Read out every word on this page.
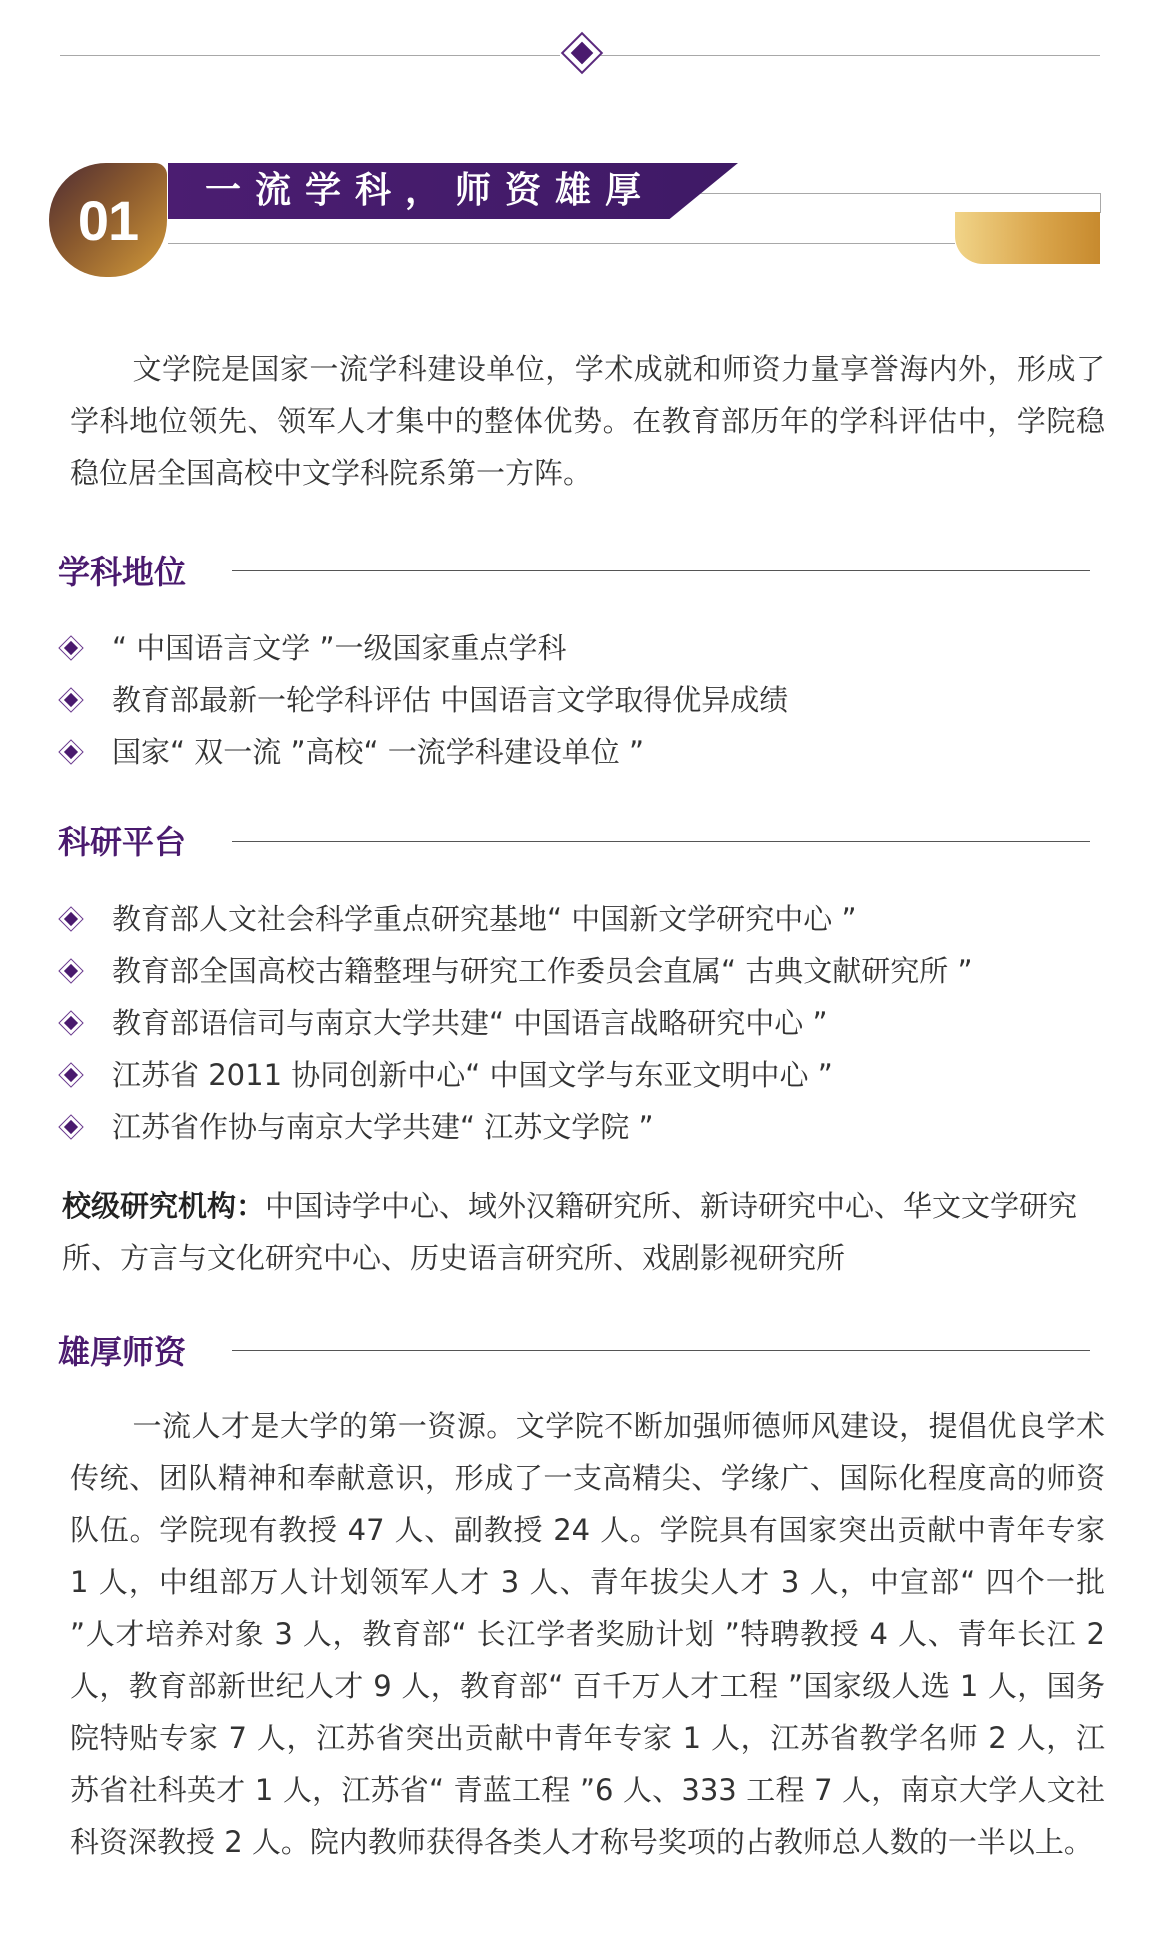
一流学科，师资雄厚
01
文学院是国家一流学科建设单位，学术成就和师资力量享誉海内外，形成了学科地位领先、领军人才集中的整体优势。在教育部历年的学科评估中，学院稳稳位居全国高校中文学科院系第一方阵。
学科地位
“ 中国语言文学 ”一级国家重点学科
教育部最新一轮学科评估 中国语言文学取得优异成绩
国家“ 双一流 ”高校“ 一流学科建设单位 ”
科研平台
教育部人文社会科学重点研究基地“ 中国新文学研究中心 ”
教育部全国高校古籍整理与研究工作委员会直属“ 古典文献研究所 ”
教育部语信司与南京大学共建“ 中国语言战略研究中心 ”
江苏省 2011 协同创新中心“ 中国文学与东亚文明中心 ”
江苏省作协与南京大学共建“ 江苏文学院 ”
校级研究机构：中国诗学中心、域外汉籍研究所、新诗研究中心、华文文学研究所、方言与文化研究中心、历史语言研究所、戏剧影视研究所
雄厚师资
一流人才是大学的第一资源。文学院不断加强师德师风建设，提倡优良学术传统、团队精神和奉献意识，形成了一支高精尖、学缘广、国际化程度高的师资队伍。学院现有教授 47 人、副教授 24 人。学院具有国家突出贡献中青年专家 1 人，中组部万人计划领军人才 3 人、青年拔尖人才 3 人，中宣部“ 四个一批 ”人才培养对象 3 人，教育部“ 长江学者奖励计划 ”特聘教授 4 人、青年长江 2 人，教育部新世纪人才 9 人，教育部“ 百千万人才工程 ”国家级人选 1 人，国务院特贴专家 7 人，江苏省突出贡献中青年专家 1 人，江苏省教学名师 2 人，江苏省社科英才 1 人，江苏省“ 青蓝工程 ”6 人、333 工程 7 人，南京大学人文社科资深教授 2 人。院内教师获得各类人才称号奖项的占教师总人数的一半以上。
